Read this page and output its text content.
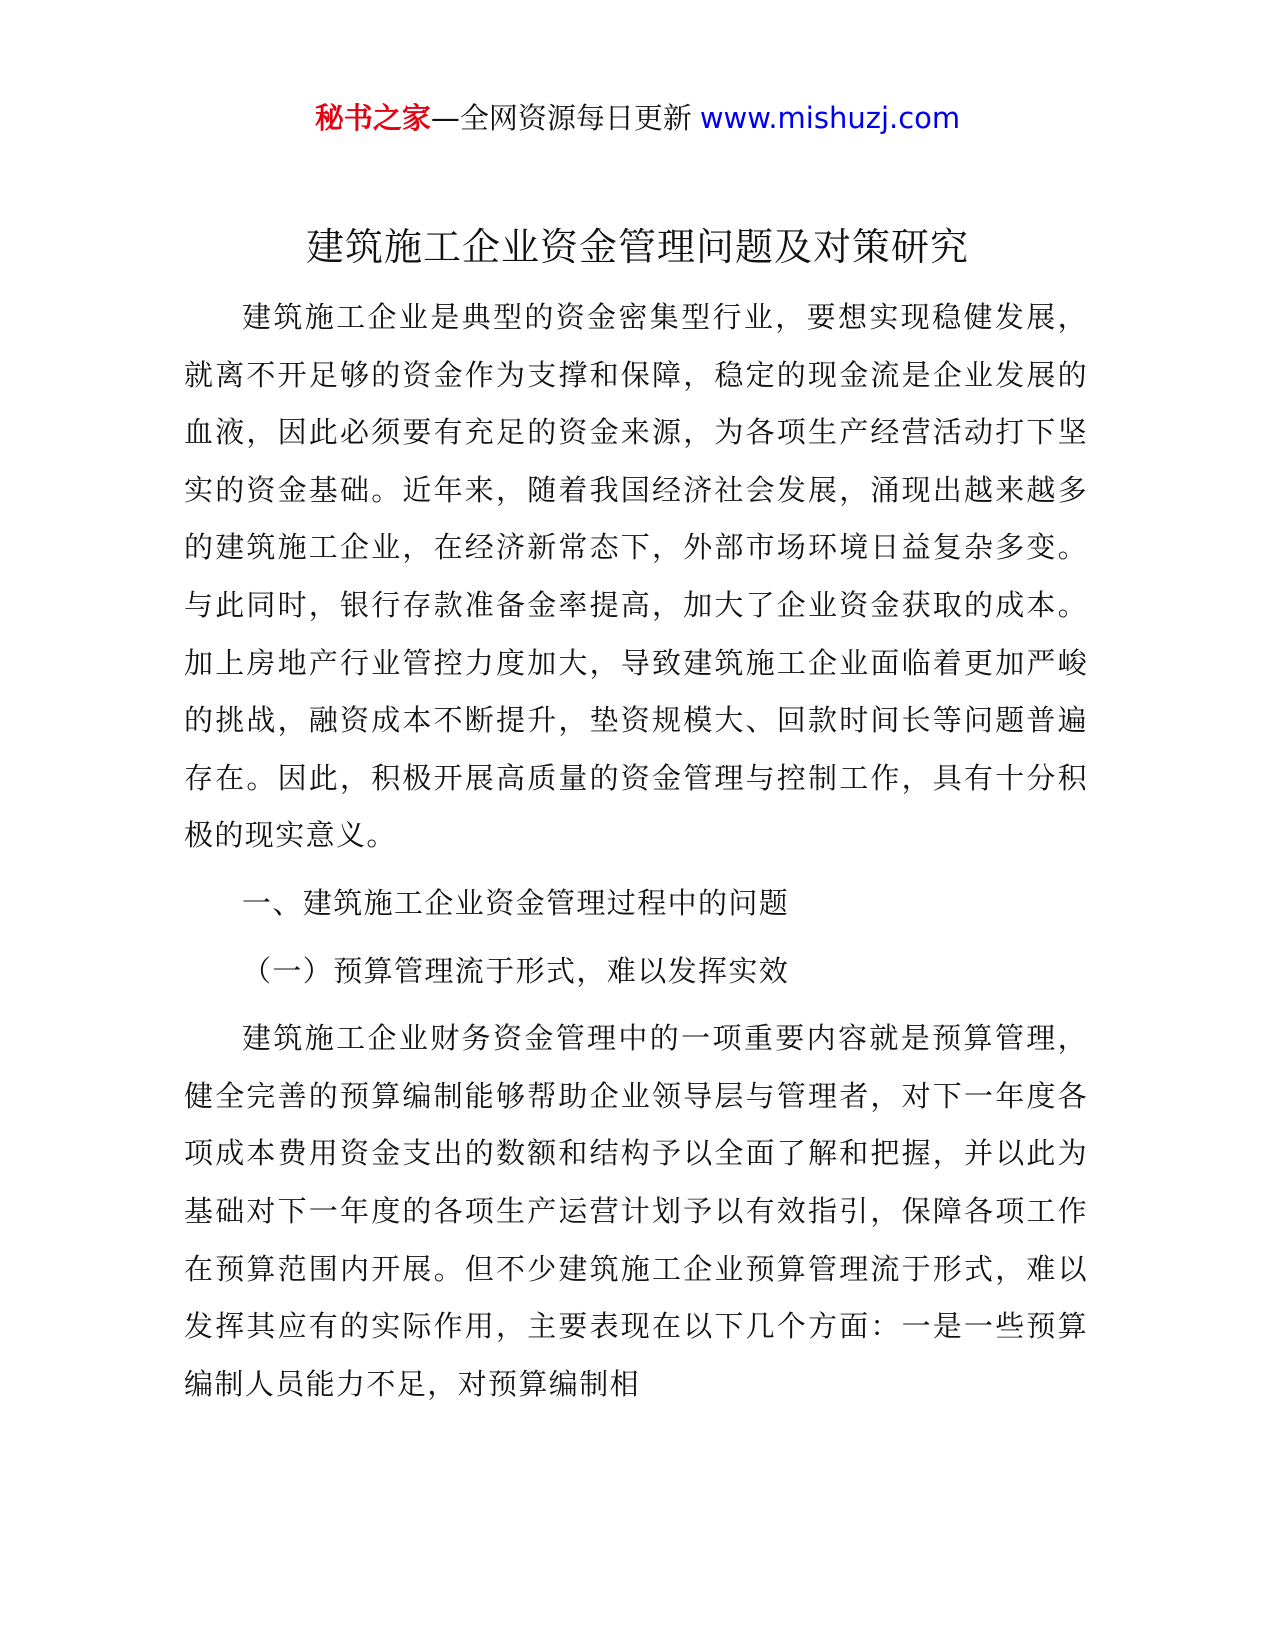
秘书之家—全网资源每日更新 www.mishuzj.com
建筑施工企业资金管理问题及对策研究

建筑施工企业是典型的资金密集型行业，要想实现稳健发展，就离不开足够的资金作为支撑和保障，稳定的现金流是企业发展的血液，因此必须要有充足的资金来源，为各项生产经营活动打下坚实的资金基础。近年来，随着我国经济社会发展，涌现出越来越多的建筑施工企业，在经济新常态下，外部市场环境日益复杂多变。与此同时，银行存款准备金率提高，加大了企业资金获取的成本。加上房地产行业管控力度加大，导致建筑施工企业面临着更加严峻的挑战，融资成本不断提升，垫资规模大、回款时间长等问题普遍存在。因此，积极开展高质量的资金管理与控制工作，具有十分积极的现实意义。

一、建筑施工企业资金管理过程中的问题

（一）预算管理流于形式，难以发挥实效

建筑施工企业财务资金管理中的一项重要内容就是预算管理，健全完善的预算编制能够帮助企业领导层与管理者，对下一年度各项成本费用资金支出的数额和结构予以全面了解和把握，并以此为基础对下一年度的各项生产运营计划予以有效指引，保障各项工作在预算范围内开展。但不少建筑施工企业预算管理流于形式，难以发挥其应有的实际作用，主要表现在以下几个方面：一是一些预算编制人员能力不足，对预算编制相
